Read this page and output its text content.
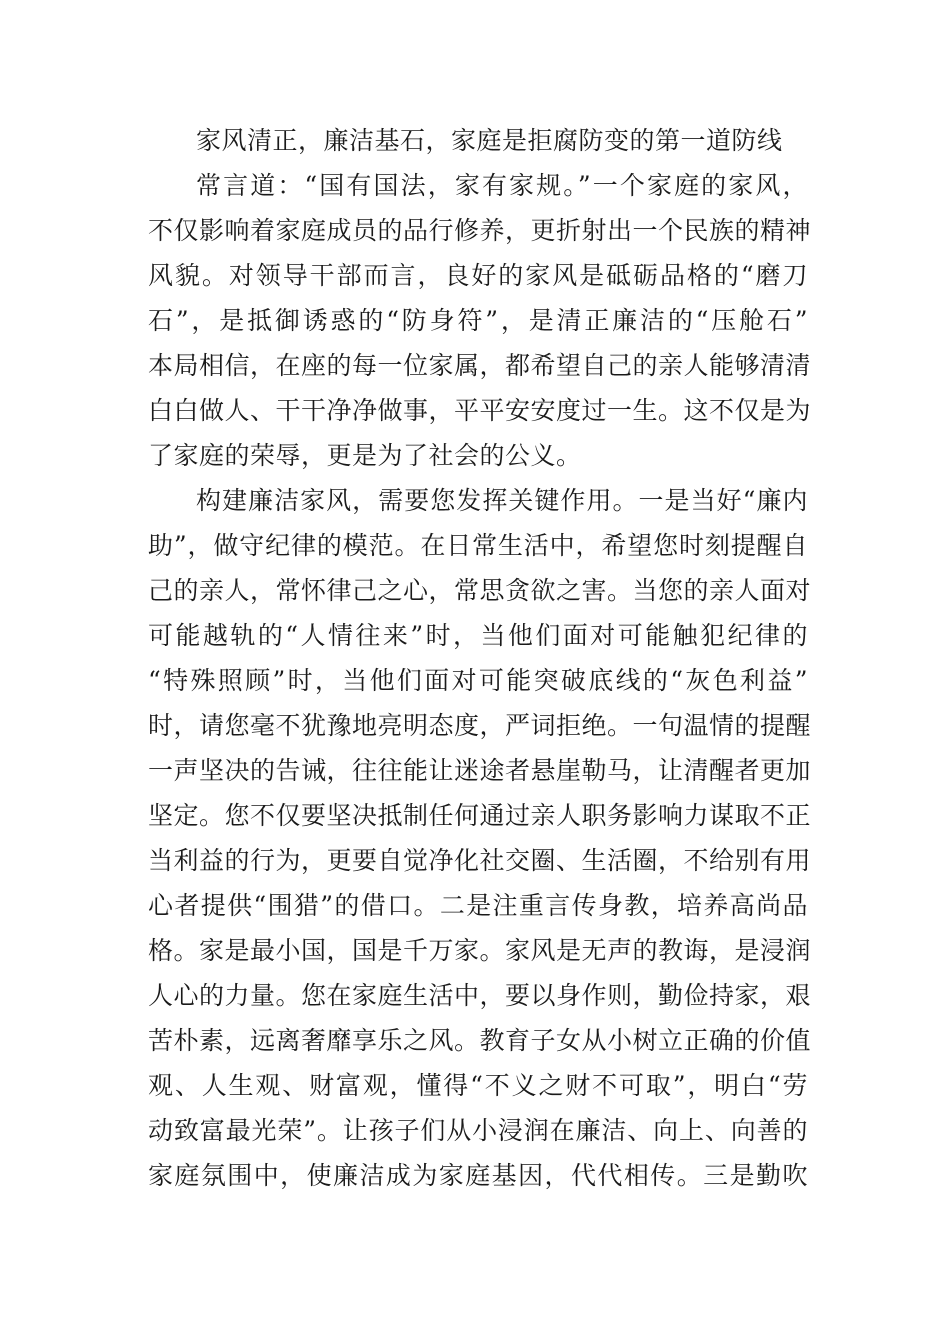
家风清正，廉洁基石，家庭是拒腐防变的第一道防线

常言道：“国有国法，家有家规。”一个家庭的家风，

不仅影响着家庭成员的品行修养，更折射出一个民族的精神

风貌。对领导干部而言，良好的家风是砥砺品格的“磨刀

石”，是抵御诱惑的“防身符”，是清正廉洁的“压舱石”

本局相信，在座的每一位家属，都希望自己的亲人能够清清

白白做人、干干净净做事，平平安安度过一生。这不仅是为

了家庭的荣辱，更是为了社会的公义。

构建廉洁家风，需要您发挥关键作用。一是当好“廉内

助”，做守纪律的模范。在日常生活中，希望您时刻提醒自

己的亲人，常怀律己之心，常思贪欲之害。当您的亲人面对

可能越轨的“人情往来”时，当他们面对可能触犯纪律的

“特殊照顾”时，当他们面对可能突破底线的“灰色利益”

时，请您毫不犹豫地亮明态度，严词拒绝。一句温情的提醒

一声坚决的告诫，往往能让迷途者悬崖勒马，让清醒者更加

坚定。您不仅要坚决抵制任何通过亲人职务影响力谋取不正

当利益的行为，更要自觉净化社交圈、生活圈，不给别有用

心者提供“围猎”的借口。二是注重言传身教，培养高尚品

格。家是最小国，国是千万家。家风是无声的教诲，是浸润

人心的力量。您在家庭生活中，要以身作则，勤俭持家，艰

苦朴素，远离奢靡享乐之风。教育子女从小树立正确的价值

观、人生观、财富观，懂得“不义之财不可取”，明白“劳

动致富最光荣”。让孩子们从小浸润在廉洁、向上、向善的

家庭氛围中，使廉洁成为家庭基因，代代相传。三是勤吹
